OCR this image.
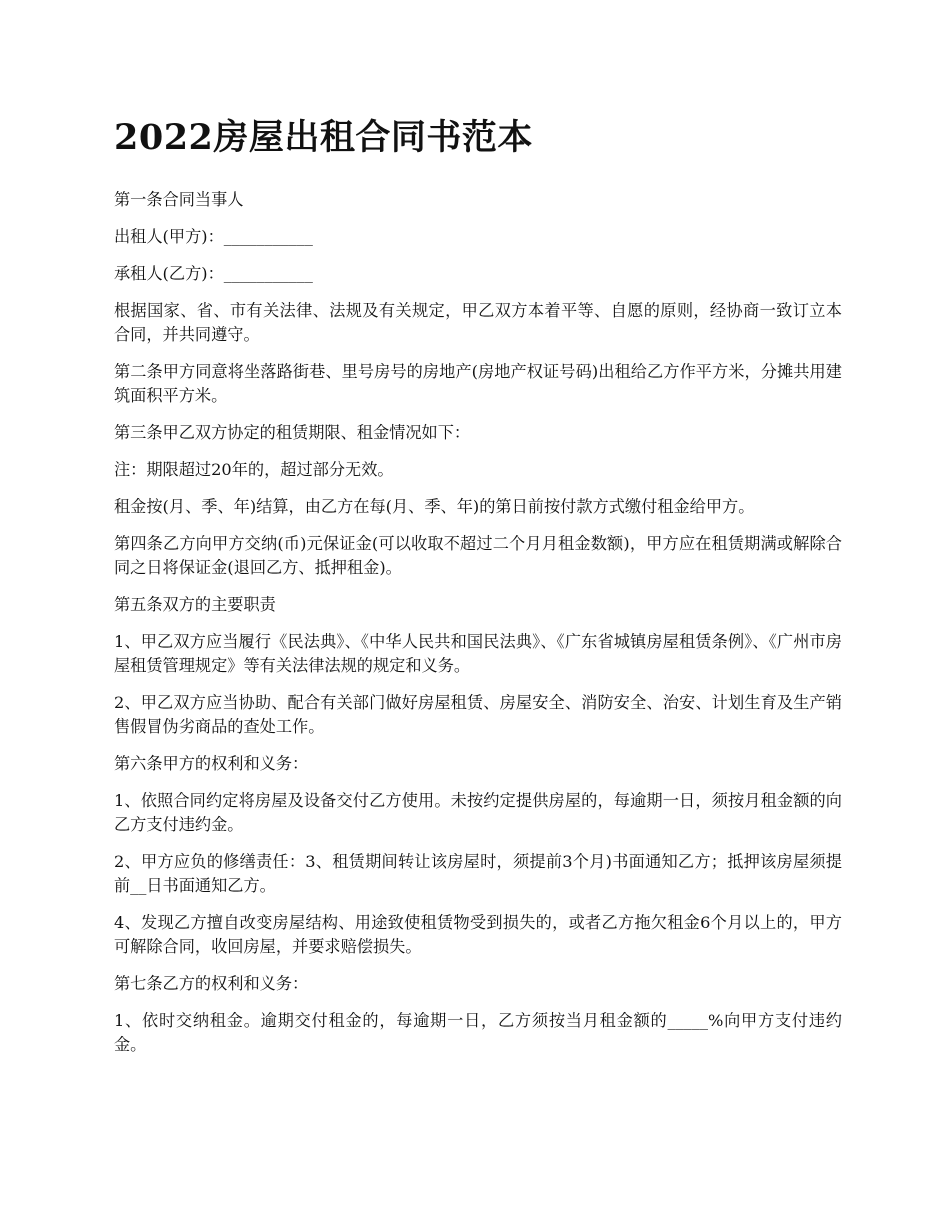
2022房屋出租合同书范本

第一条合同当事人

出租人(甲方)：___________

承租人(乙方)：___________

根据国家、省、市有关法律、法规及有关规定，甲乙双方本着平等、自愿的原则，经协商一致订立本合同，并共同遵守。

第二条甲方同意将坐落路街巷、里号房号的房地产(房地产权证号码)出租给乙方作平方米，分摊共用建筑面积平方米。

第三条甲乙双方协定的租赁期限、租金情况如下：

注：期限超过20年的，超过部分无效。

租金按(月、季、年)结算，由乙方在每(月、季、年)的第日前按付款方式缴付租金给甲方。

第四条乙方向甲方交纳(币)元保证金(可以收取不超过二个月月租金数额)，甲方应在租赁期满或解除合同之日将保证金(退回乙方、抵押租金)。

第五条双方的主要职责

1、甲乙双方应当履行《民法典》、《中华人民共和国民法典》、《广东省城镇房屋租赁条例》、《广州市房屋租赁管理规定》等有关法律法规的规定和义务。

2、甲乙双方应当协助、配合有关部门做好房屋租赁、房屋安全、消防安全、治安、计划生育及生产销售假冒伪劣商品的查处工作。

第六条甲方的权利和义务：

1、依照合同约定将房屋及设备交付乙方使用。未按约定提供房屋的，每逾期一日，须按月租金额的向乙方支付违约金。

2、甲方应负的修缮责任：3、租赁期间转让该房屋时，须提前3个月)书面通知乙方；抵押该房屋须提前__日书面通知乙方。

4、发现乙方擅自改变房屋结构、用途致使租赁物受到损失的，或者乙方拖欠租金6个月以上的，甲方可解除合同，收回房屋，并要求赔偿损失。

第七条乙方的权利和义务：

1、依时交纳租金。逾期交付租金的，每逾期一日，乙方须按当月租金额的_____%向甲方支付违约金。
